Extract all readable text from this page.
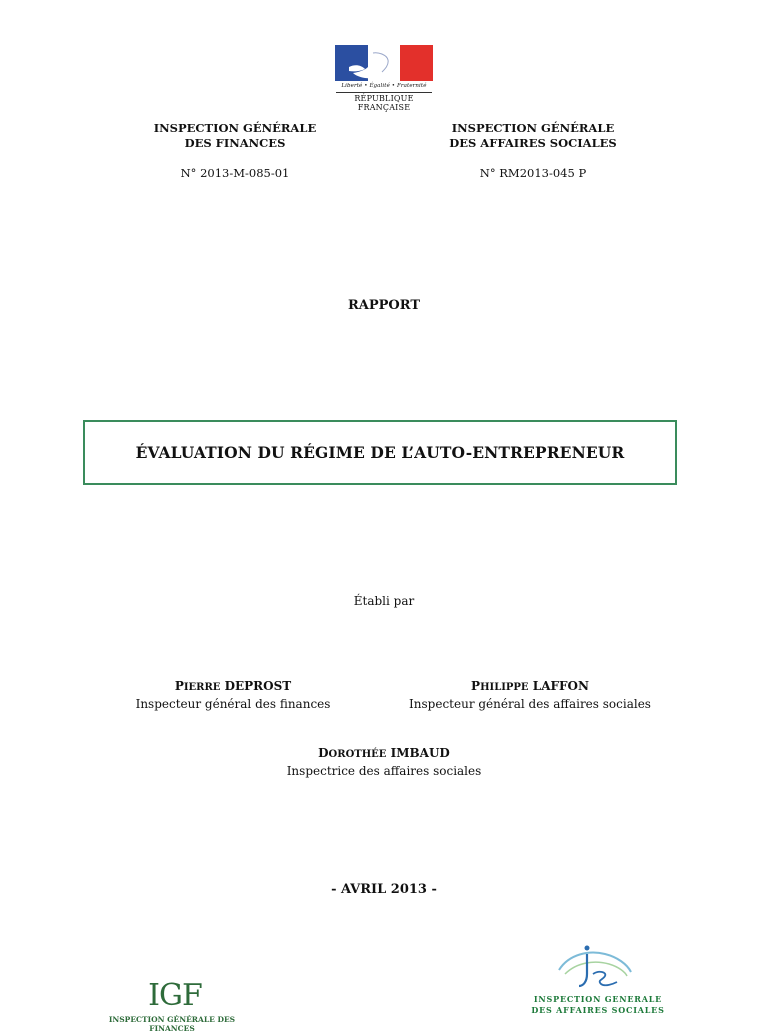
Liberté • Égalité • Fraternité
RÉPUBLIQUE FRANÇAISE
INSPECTION GÉNÉRALE
DES FINANCES
N° 2013-M-085-01
INSPECTION GÉNÉRALE
DES AFFAIRES SOCIALES
N° RM2013-045 P
RAPPORT
ÉVALUATION DU RÉGIME DE L’AUTO-ENTREPRENEUR
Établi par
PIERRE DEPROST
Inspecteur général des finances
PHILIPPE LAFFON
Inspecteur général des affaires sociales
DOROTHÉE IMBAUD
Inspectrice des affaires sociales
- AVRIL 2013 -
IGF
INSPECTION GÉNÉRALE DES FINANCES
INSPECTION GENERALE
DES AFFAIRES SOCIALES
